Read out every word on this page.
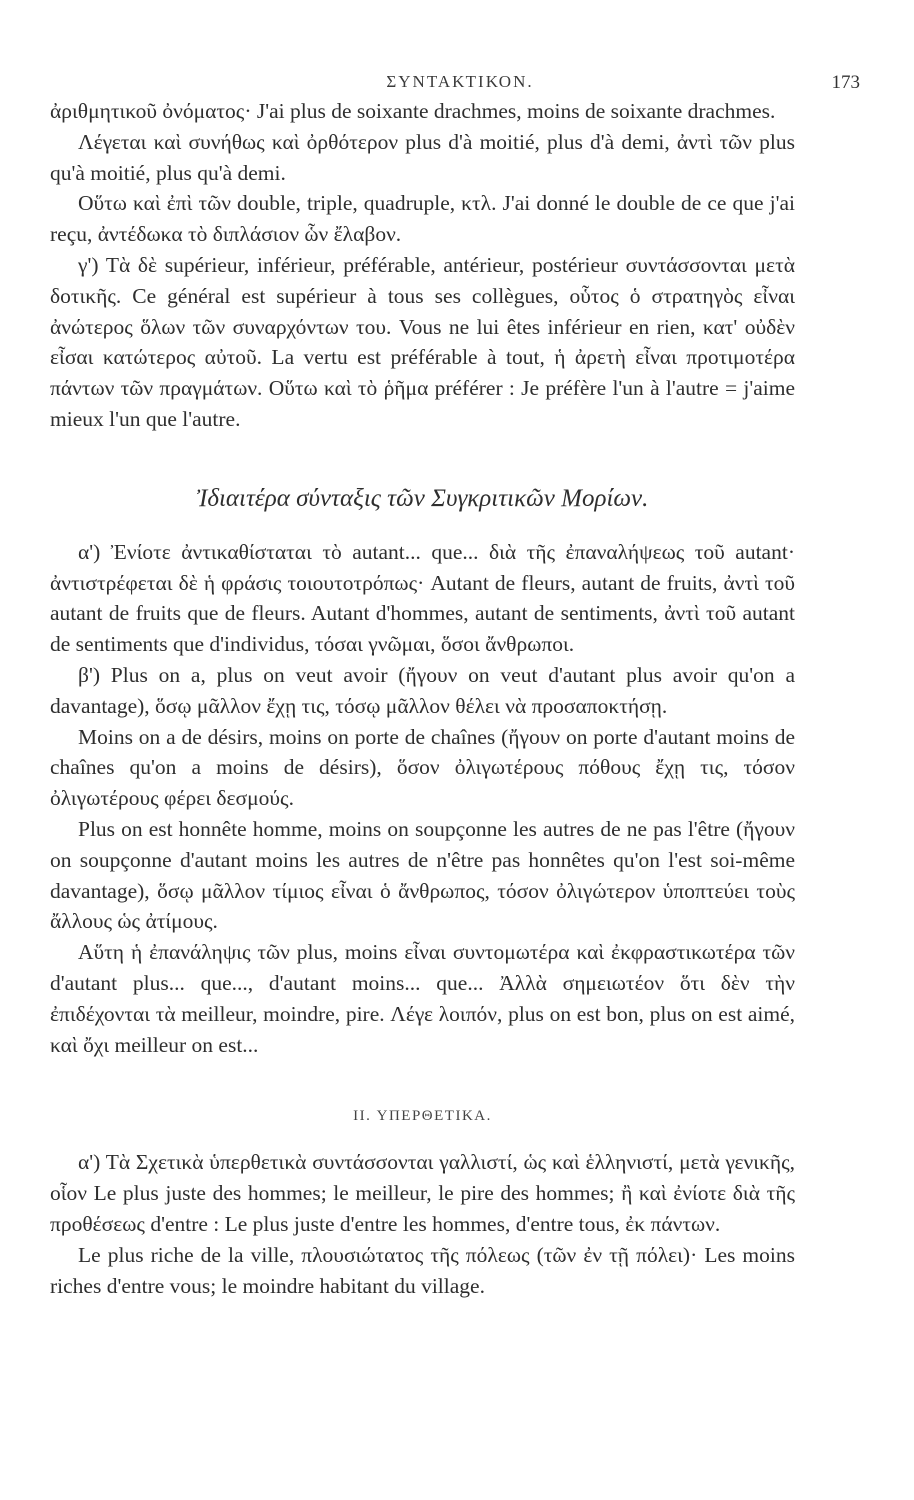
ΣΥΝΤΑΚΤΙΚΟΝ.	173

ἀριθμητικοῦ ὀνόματος· J'ai plus de soixante drachmes, moins de soixante drachmes.

Λέγεται καὶ συνήθως καὶ ὀρθότερον plus d'à moitié, plus d'à demi, ἀντὶ τῶν plus qu'à moitié, plus qu'à demi.

Οὕτω καὶ ἐπὶ τῶν double, triple, quadruple, κτλ. J'ai donné le double de ce que j'ai reçu, ἀντέδωκα τὸ διπλάσιον ὧν ἔλαβον.

γ') Τὰ δὲ supérieur, inférieur, préférable, antérieur, postérieur συντάσσονται μετὰ δοτικῆς. Ce général est supérieur à tous ses collègues, οὗτος ὁ στρατηγὸς εἶναι ἀνώτερος ὅλων τῶν συναρχόντων του. Vous ne lui êtes inférieur en rien, κατ' οὐδὲν εἶσαι κατώτερος αὐτοῦ. La vertu est préférable à tout, ἡ ἀρετὴ εἶναι προτιμοτέρα πάντων τῶν πραγμάτων. Οὕτω καὶ τὸ ῥῆμα préférer : Je préfère l'un à l'autre = j'aime mieux l'un que l'autre.

Ἰδιαιτέρα σύνταξις τῶν Συγκριτικῶν Μορίων.

α') Ἐνίοτε ἀντικαθίσταται τὸ autant... que... διὰ τῆς ἐπαναλήψεως τοῦ autant· ἀντιστρέφεται δὲ ἡ φράσις τοιουτοτρόπως· Autant de fleurs, autant de fruits, ἀντὶ τοῦ autant de fruits que de fleurs. Autant d'hommes, autant de sentiments, ἀντὶ τοῦ autant de sentiments que d'individus, τόσαι γνῶμαι, ὅσοι ἄνθρωποι.

β') Plus on a, plus on veut avoir (ἤγουν on veut d'autant plus avoir qu'on a davantage), ὅσῳ μᾶλλον ἔχῃ τις, τόσῳ μᾶλλον θέλει νὰ προσαποκτήσῃ.

Moins on a de désirs, moins on porte de chaînes (ἤγουν on porte d'autant moins de chaînes qu'on a moins de désirs), ὅσον ὀλιγωτέρους πόθους ἔχῃ τις, τόσον ὀλιγωτέρους φέρει δεσμούς.

Plus on est honnête homme, moins on soupçonne les autres de ne pas l'être (ἤγουν on soupçonne d'autant moins les autres de n'être pas honnêtes qu'on l'est soi-même davantage), ὅσῳ μᾶλλον τίμιος εἶναι ὁ ἄνθρωπος, τόσον ὀλιγώτερον ὑποπτεύει τοὺς ἄλλους ὡς ἀτίμους.

Αὕτη ἡ ἐπανάληψις τῶν plus, moins εἶναι συντομωτέρα καὶ ἐκφραστικωτέρα τῶν d'autant plus... que..., d'autant moins... que... Ἀλλὰ σημειωτέον ὅτι δὲν τὴν ἐπιδέχονται τὰ meilleur, moindre, pire. Λέγε λοιπόν, plus on est bon, plus on est aimé, καὶ ὄχι meilleur on est...

II. ΥΠΕΡΘΕΤΙΚΑ.

α') Τὰ Σχετικὰ ὑπερθετικὰ συντάσσονται γαλλιστί, ὡς καὶ ἑλληνιστί, μετὰ γενικῆς, οἷον Le plus juste des hommes; le meilleur, le pire des hommes; ἢ καὶ ἐνίοτε διὰ τῆς προθέσεως d'entre : Le plus juste d'entre les hommes, d'entre tous, ἐκ πάντων.

Le plus riche de la ville, πλουσιώτατος τῆς πόλεως (τῶν ἐν τῇ πόλει)· Les moins riches d'entre vous; le moindre habitant du village.
